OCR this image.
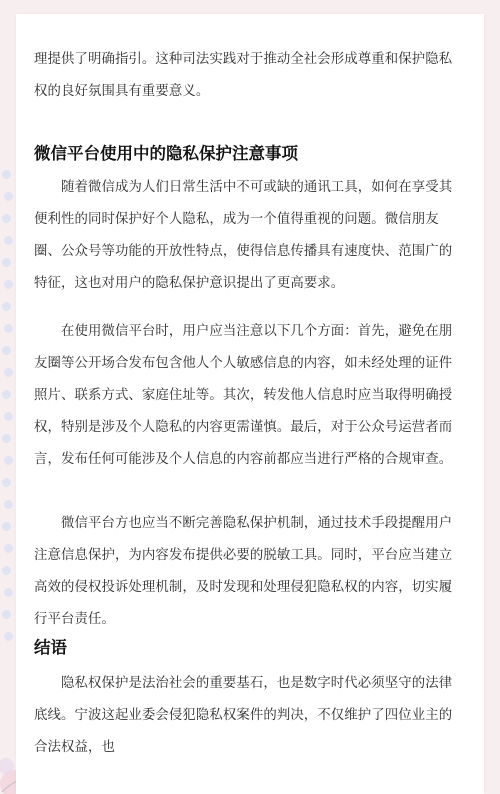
理提供了明确指引。这种司法实践对于推动全社会形成尊重和保护隐私权的良好氛围具有重要意义。

微信平台使用中的隐私保护注意事项

随着微信成为人们日常生活中不可或缺的通讯工具，如何在享受其便利性的同时保护好个人隐私，成为一个值得重视的问题。微信朋友圈、公众号等功能的开放性特点，使得信息传播具有速度快、范围广的特征，这也对用户的隐私保护意识提出了更高要求。

在使用微信平台时，用户应当注意以下几个方面：首先，避免在朋友圈等公开场合发布包含他人个人敏感信息的内容，如未经处理的证件照片、联系方式、家庭住址等。其次，转发他人信息时应当取得明确授权，特别是涉及个人隐私的内容更需谨慎。最后，对于公众号运营者而言，发布任何可能涉及个人信息的内容前都应当进行严格的合规审查。

微信平台方也应当不断完善隐私保护机制，通过技术手段提醒用户注意信息保护，为内容发布提供必要的脱敏工具。同时，平台应当建立高效的侵权投诉处理机制，及时发现和处理侵犯隐私权的内容，切实履行平台责任。

结语

隐私权保护是法治社会的重要基石，也是数字时代必须坚守的法律底线。宁波这起业委会侵犯隐私权案件的判决，不仅维护了四位业主的合法权益，也
